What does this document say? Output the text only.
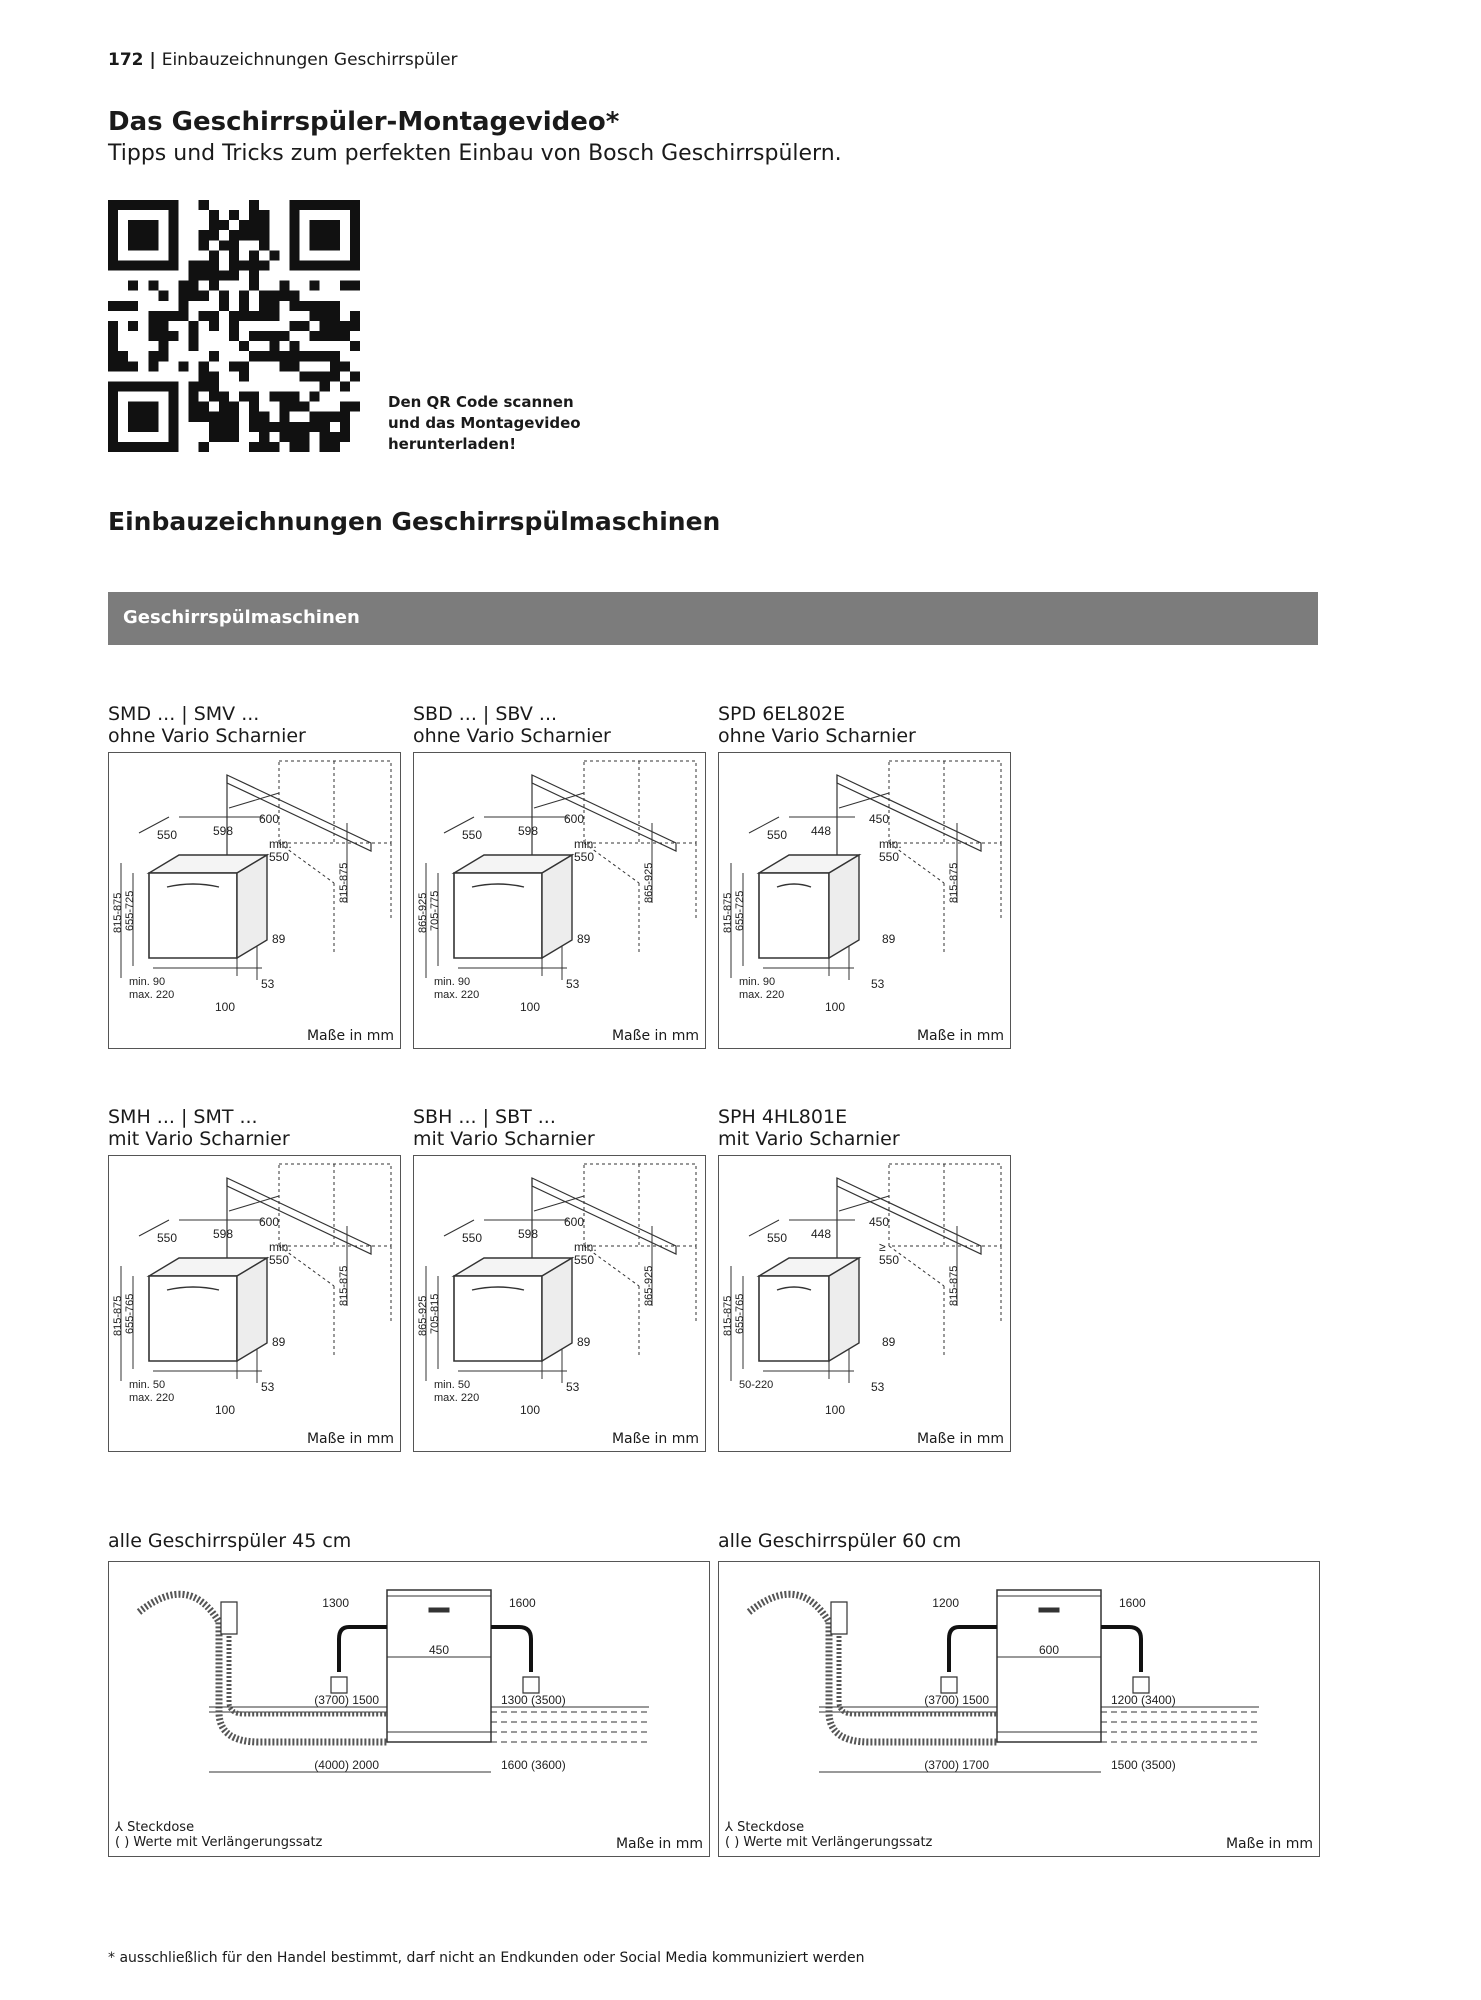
172 | Einbauzeichnungen Geschirrspüler
Das Geschirrspüler-Montagevideo*
Tipps und Tricks zum perfekten Einbau von Bosch Geschirrspülern.
Den QR Code scannen
und das Montagevideo
herunterladen!
Einbauzeichnungen Geschirrspülmaschinen
Geschirrspülmaschinen
SMD ... | SMV ...
ohne Vario Scharnier
815-875 655-725
550	598
600
min.
550
815-875
89
min. 90
max. 220
53
100
Maße in mm
SBD ... | SBV ...
ohne Vario Scharnier
865-925 705-775
550	598
600
min.
550
865-925
89
min. 90
max. 220
53
100
Maße in mm
SPD 6EL802E
ohne Vario Scharnier
815-875 655-725
550 448
450
min.
550
815-875
89
min. 90
max. 220
53
100
Maße in mm
SMH ... | SMT ...
mit Vario Scharnier
815-875 655-765
550	598
600
min.
550
815-875
89
min. 50
max. 220
53
100
Maße in mm
SBH ... | SBT ...
mit Vario Scharnier
865-925 705-815
550	598
600
min.
550
865-925
89
min. 50
max. 220
53
100
Maße in mm
SPH 4HL801E
mit Vario Scharnier
815-875 655-765
550 448
450
≥
550
815-875
89
50-220	53
100
Maße in mm
alle Geschirrspüler 45 cm
1300	1600
450
(3700) 1500	1300 (3500)
(4000) 2000	1600 (3600)
⅄ Steckdose
( ) Werte mit Verlängerungssatz	Maße in mm
alle Geschirrspüler 60 cm
1200	1600
600
(3700) 1500	1200 (3400)
(3700) 1700	1500 (3500)
⅄ Steckdose
( ) Werte mit Verlängerungssatz	Maße in mm
* ausschließlich für den Handel bestimmt, darf nicht an Endkunden oder Social Media kommuniziert werden
